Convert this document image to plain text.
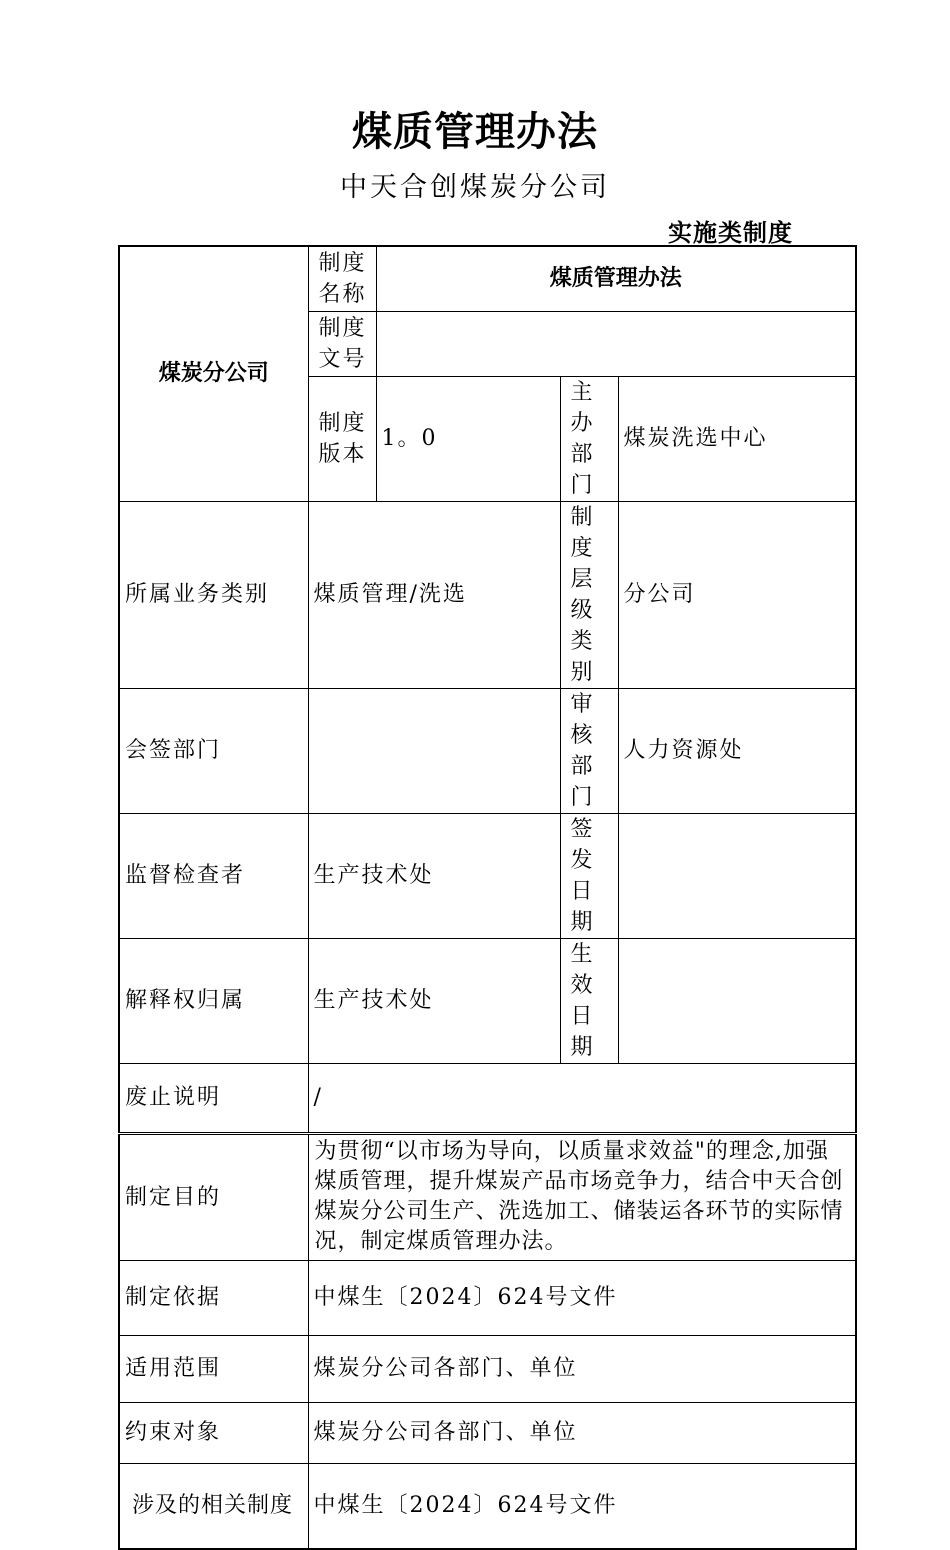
煤质管理办法
中天合创煤炭分公司
实施类制度
煤炭分公司	制度名称	煤质管理办法		
	制度文号			
	制度版本	1。0	主办部门	煤炭洗选中心
所属业务类别	煤质管理/洗选		制度层级类别	分公司
会签部门			审核部门	人力资源处
监督检查者	生产技术处		签发日期	
解释权归属	生产技术处		生效日期	
废止说明	/			
制定目的	为贯彻“以市场为导向，以质量求效益"的理念,加强煤质管理，提升煤炭产品市场竞争力，结合中天合创煤炭分公司生产、洗选加工、储装运各环节的实际情况，制定煤质管理办法。			
制定依据	中煤生〔2024〕624号文件			
适用范围	煤炭分公司各部门、单位			
约束对象	煤炭分公司各部门、单位			
涉及的相关制度	中煤生〔2024〕624号文件			
